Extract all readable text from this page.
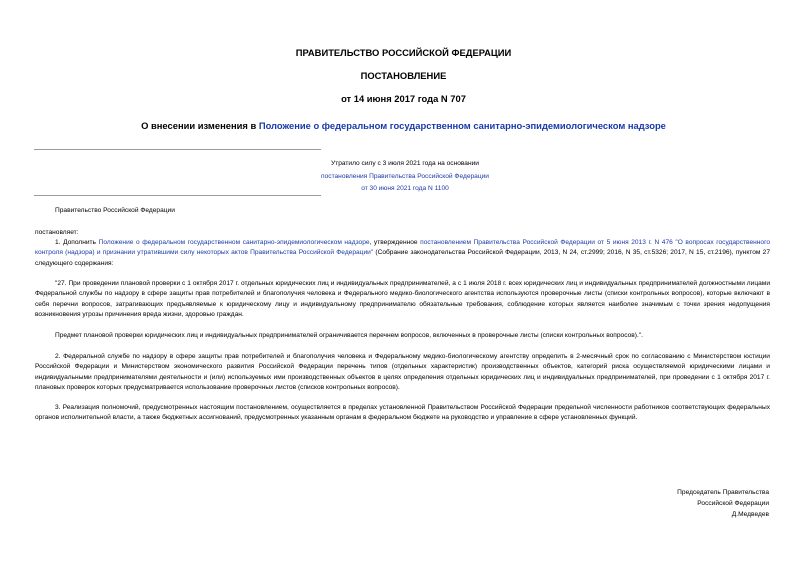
ПРАВИТЕЛЬСТВО РОССИЙСКОЙ ФЕДЕРАЦИИ
ПОСТАНОВЛЕНИЕ
от 14 июня 2017 года N 707
О внесении изменения в Положение о федеральном государственном санитарно-эпидемиологическом надзоре
Утратило силу с 3 июля 2021 года на основании
постановления Правительства Российской Федерации
от 30 июня 2021 года N 1100
Правительство Российской Федерации
постановляет:
1. Дополнить Положение о федеральном государственном санитарно-эпидемиологическом надзоре, утвержденное постановлением Правительства Российской Федерации от 5 июня 2013 г. N 476 "О вопросах государственного контроля (надзора) и признании утратившими силу некоторых актов Правительства Российской Федерации" (Собрание законодательства Российской Федерации, 2013, N 24, ст.2999; 2016, N 35, ст.5326; 2017, N 15, ст.2196), пунктом 27 следующего содержания:
"27. При проведении плановой проверки с 1 октября 2017 г. отдельных юридических лиц и индивидуальных предпринимателей, а с 1 июля 2018 г. всех юридических лиц и индивидуальных предпринимателей должностными лицами Федеральной службы по надзору в сфере защиты прав потребителей и благополучия человека и Федерального медико-биологического агентства используются проверочные листы (списки контрольных вопросов), которые включают в себя перечни вопросов, затрагивающих предъявляемые к юридическому лицу и индивидуальному предпринимателю обязательные требования, соблюдение которых является наиболее значимым с точки зрения недопущения возникновения угрозы причинения вреда жизни, здоровью граждан.
Предмет плановой проверки юридических лиц и индивидуальных предпринимателей ограничивается перечнем вопросов, включенных в проверочные листы (списки контрольных вопросов).".
2. Федеральной службе по надзору в сфере защиты прав потребителей и благополучия человека и Федеральному медико-биологическому агентству определить в 2-месячный срок по согласованию с Министерством юстиции Российской Федерации и Министерством экономического развития Российской Федерации перечень типов (отдельных характеристик) производственных объектов, категорий риска осуществляемой юридическими лицами и индивидуальными предпринимателями деятельности и (или) используемых ими производственных объектов в целях определения отдельных юридических лиц и индивидуальных предпринимателей, при проведении с 1 октября 2017 г. плановых проверок которых предусматривается использование проверочных листов (списков контрольных вопросов).
3. Реализация полномочий, предусмотренных настоящим постановлением, осуществляется в пределах установленной Правительством Российской Федерации предельной численности работников соответствующих федеральных органов исполнительной власти, а также бюджетных ассигнований, предусмотренных указанным органам в федеральном бюджете на руководство и управление в сфере установленных функций.
Председатель Правительства
Российской Федерации
Д.Медведев
